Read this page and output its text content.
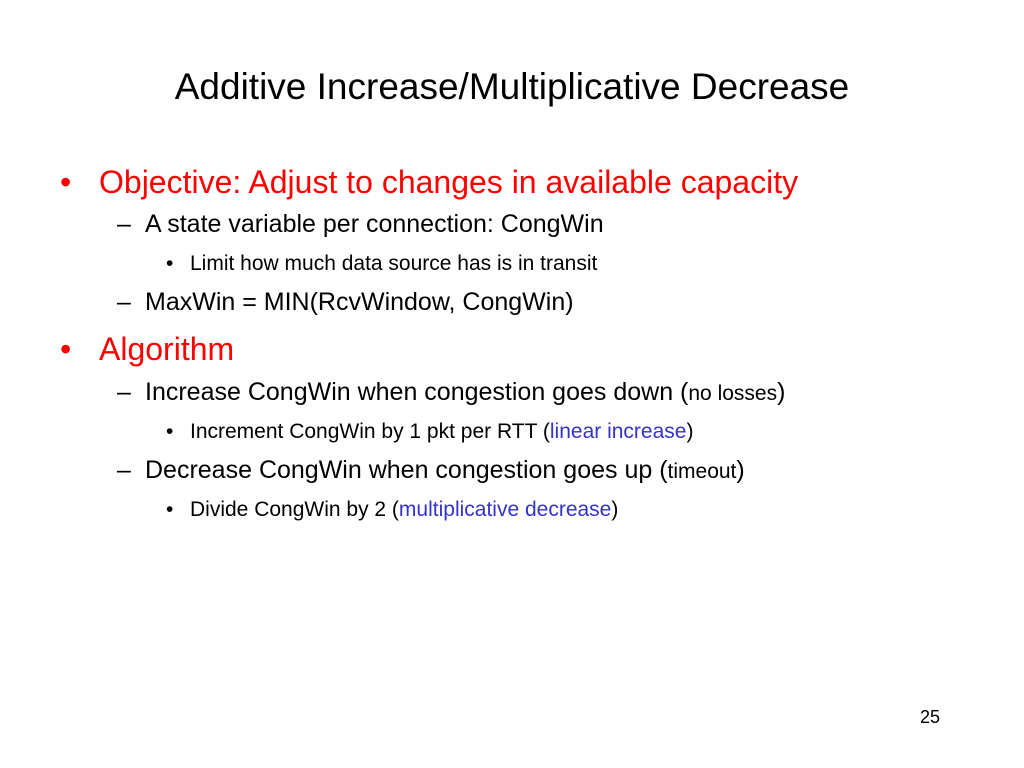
Additive Increase/Multiplicative Decrease
• Objective: Adjust to changes in available capacity
– A state variable per connection: CongWin
• Limit how much data source has is in transit
– MaxWin = MIN(RcvWindow, CongWin)
• Algorithm
– Increase CongWin when congestion goes down (no losses)
• Increment CongWin by 1 pkt per RTT (linear increase)
– Decrease CongWin when congestion goes up (timeout)
• Divide CongWin by 2 (multiplicative decrease)
25
